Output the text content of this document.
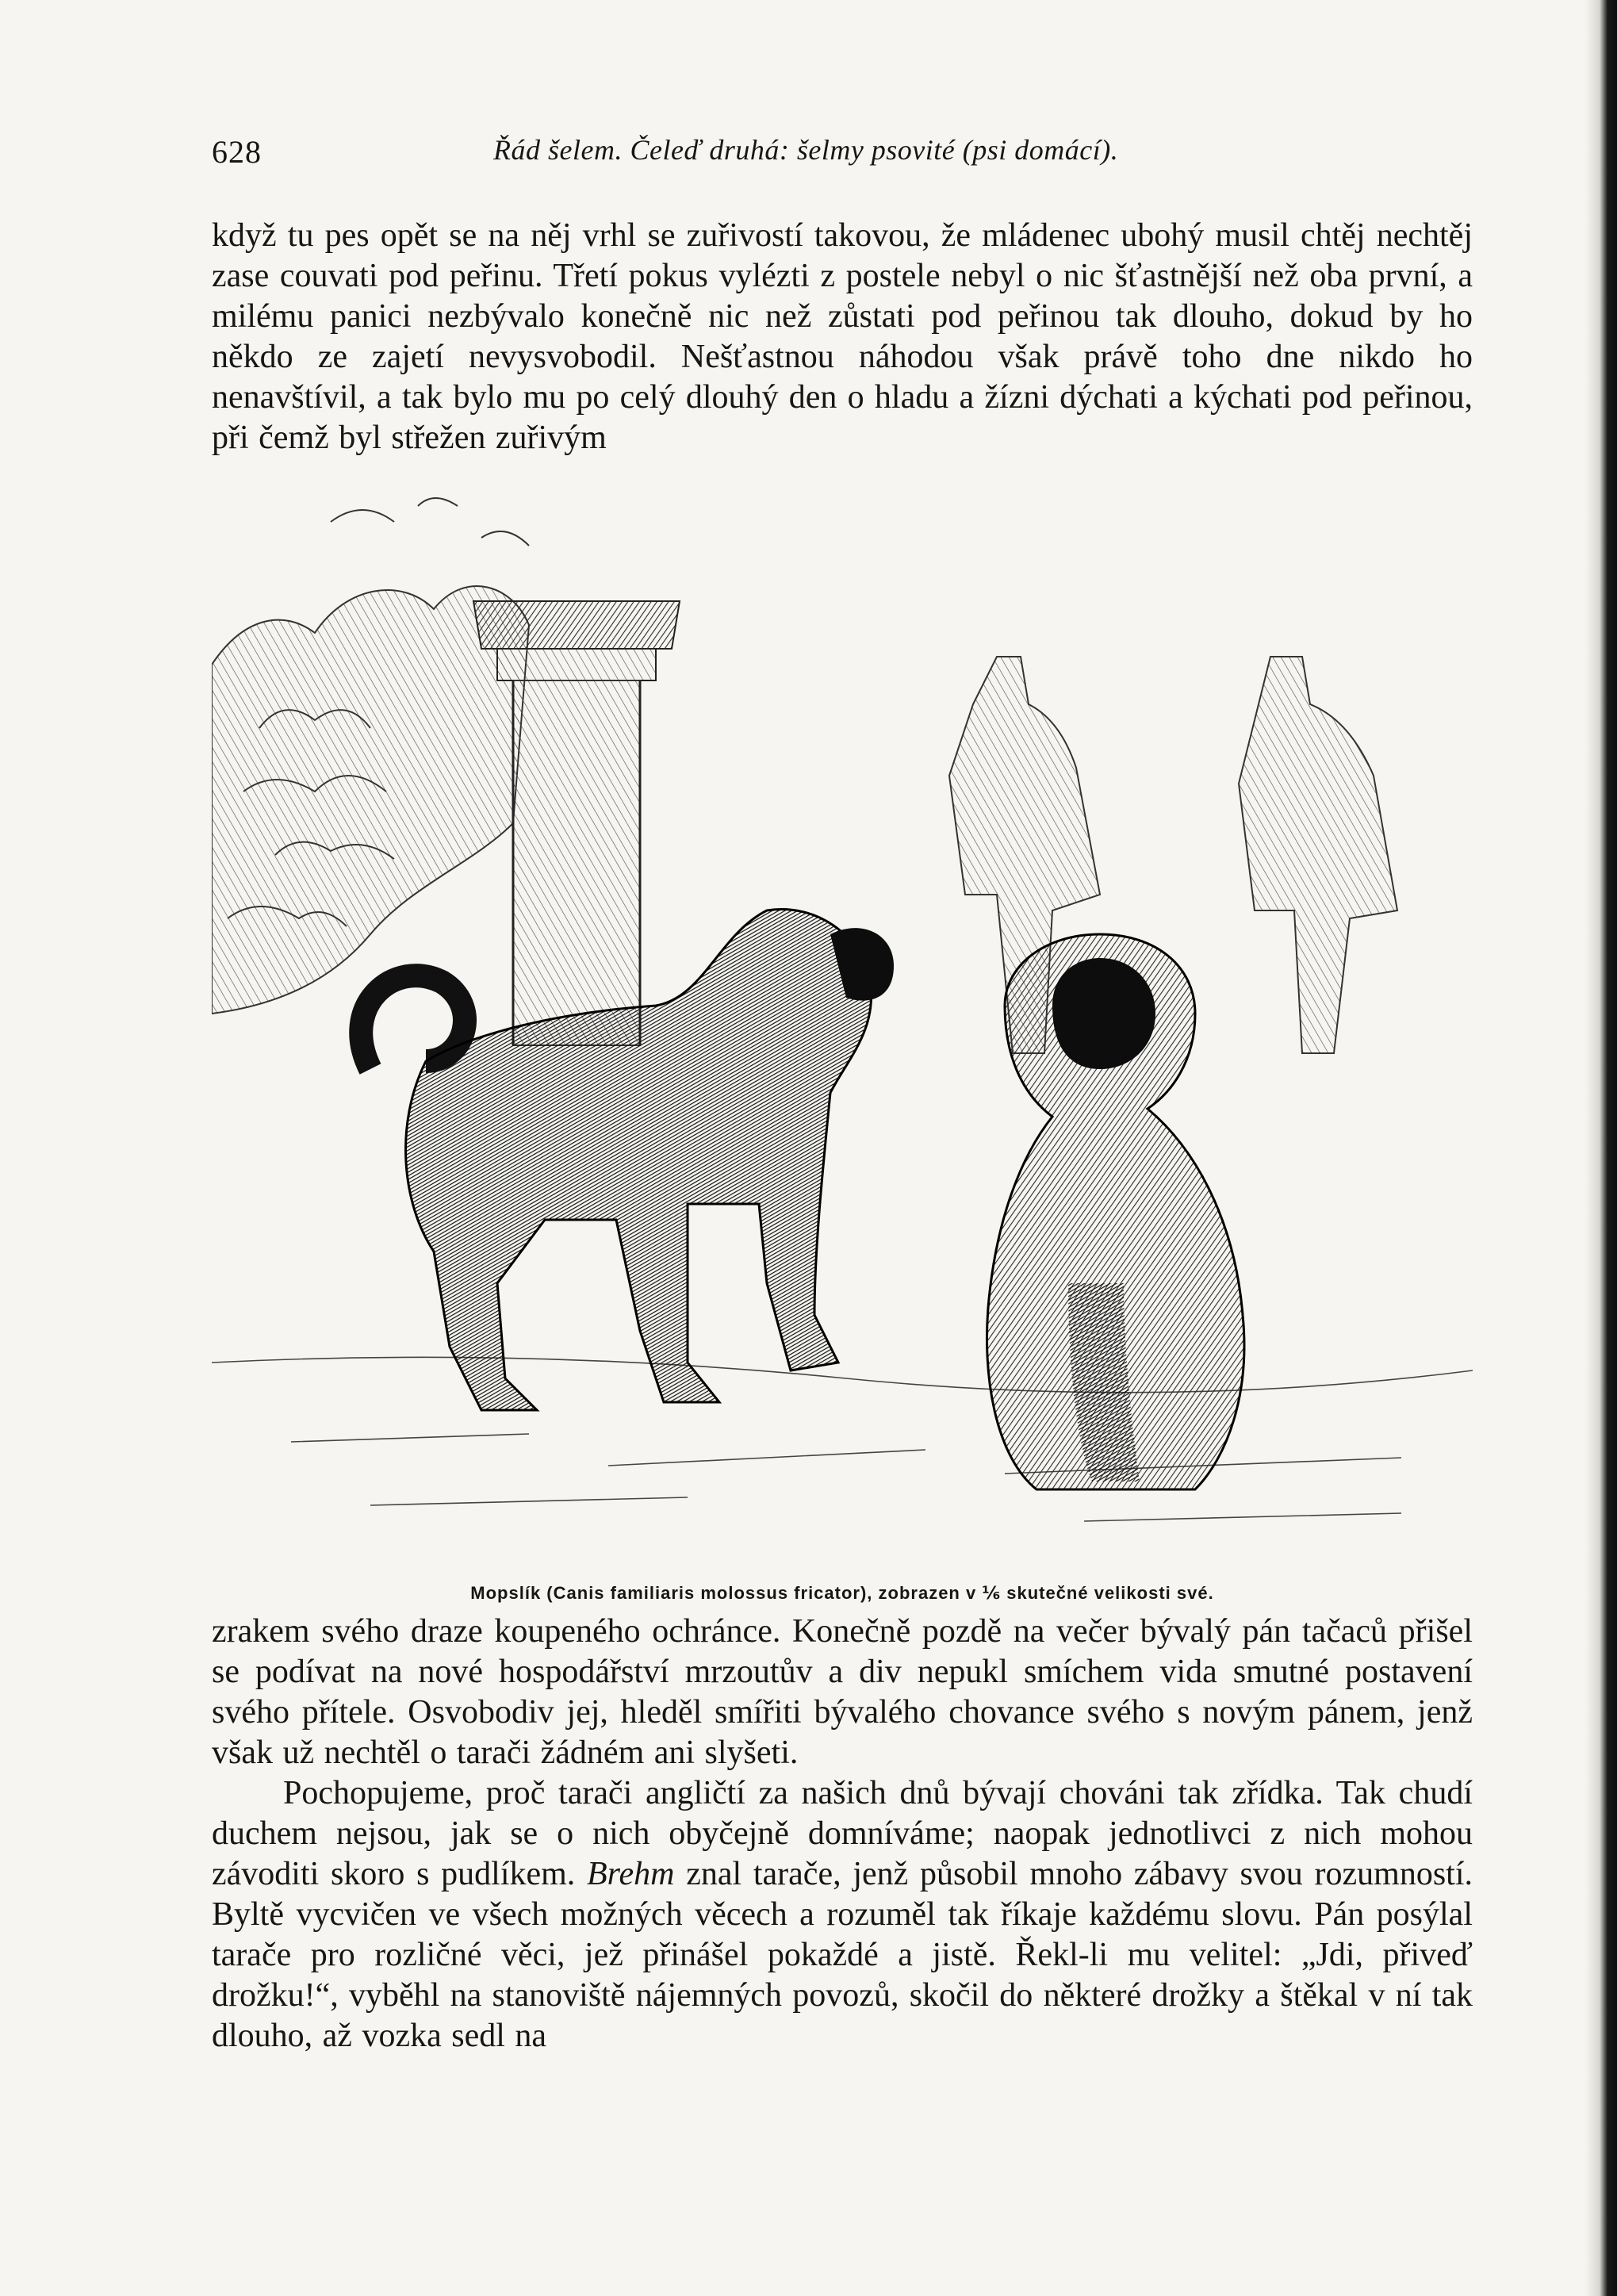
628	Řád šelem. Čeleď druhá: šelmy psovité (psi domácí).

když tu pes opět se na něj vrhl se zuřivostí takovou, že mládenec ubohý musil chtěj nechtěj zase couvati pod peřinu. Třetí pokus vylézti z postele nebyl o nic šťastnější než oba první, a milému panici nezbývalo konečně nic než zůstati pod peřinou tak dlouho, dokud by ho někdo ze zajetí nevysvobodil. Nešťastnou náhodou však právě toho dne nikdo ho nenavštívil, a tak bylo mu po celý dlouhý den o hladu a žízni dýchati a kýchati pod peřinou, při čemž byl střežen zuřivým

Mopslík (Canis familiaris molossus fricator), zobrazen v ⅙ skutečné velikosti své.

zrakem svého draze koupeného ochránce. Konečně pozdě na večer bývalý pán tačaců přišel se podívat na nové hospodářství mrzoutův a div nepukl smíchem vida smutné postavení svého přítele. Osvobodiv jej, hleděl smířiti bývalého chovance svého s novým pánem, jenž však už nechtěl o tarači žádném ani slyšeti.

Pochopujeme, proč tarači angličtí za našich dnů bývají chováni tak zřídka. Tak chudí duchem nejsou, jak se o nich obyčejně domníváme; naopak jednotlivci z nich mohou závoditi skoro s pudlíkem. Brehm znal tarače, jenž působil mnoho zábavy svou rozumností. Byltě vycvičen ve všech možných věcech a rozuměl tak říkaje každému slovu. Pán posýlal tarače pro rozličné věci, jež přinášel pokaždé a jistě. Řekl-li mu velitel: „Jdi, přiveď drožku!“, vyběhl na stanoviště nájemných povozů, skočil do některé drožky a štěkal v ní tak dlouho, až vozka sedl na
